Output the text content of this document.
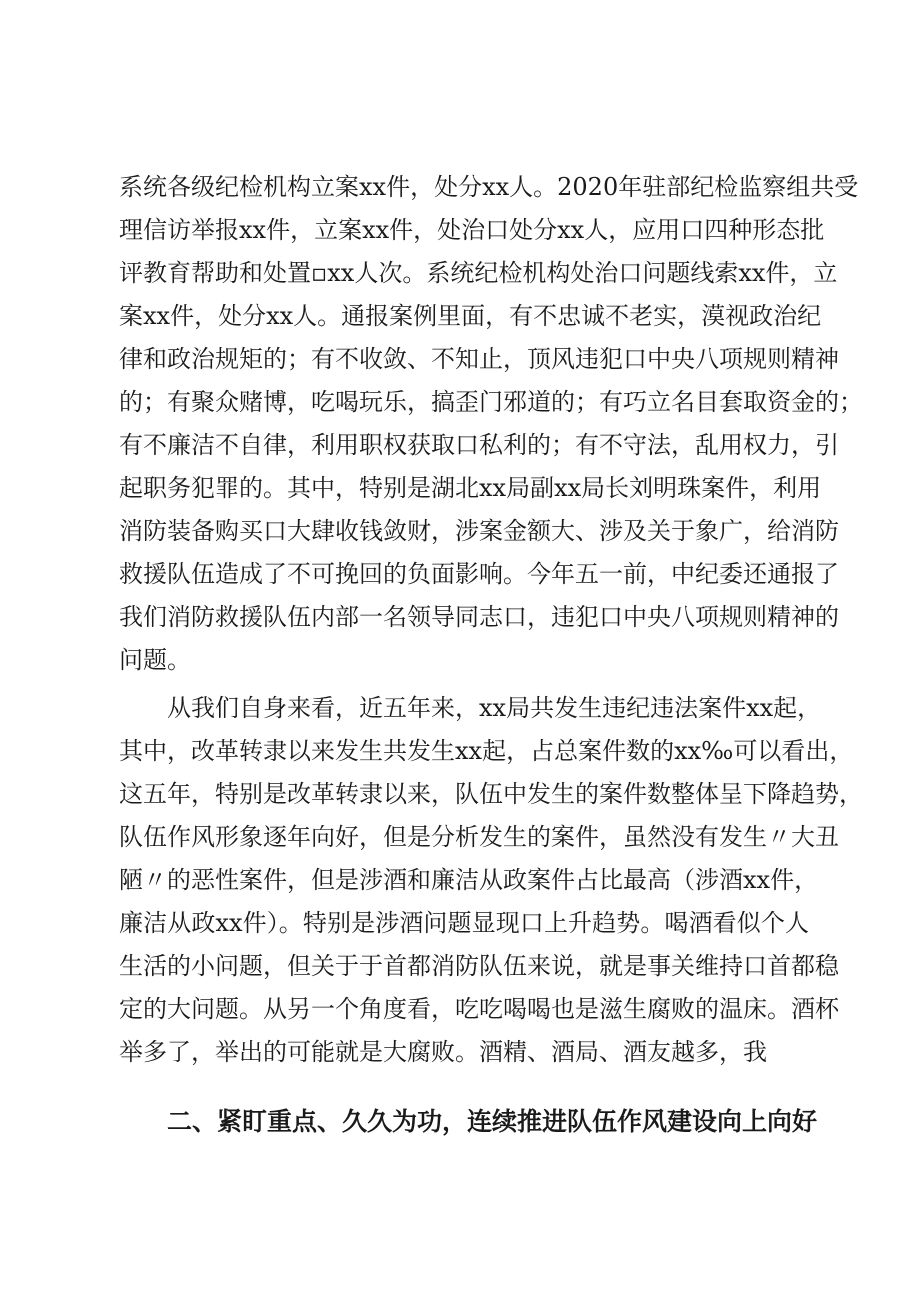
系统各级纪检机构立案xx件，处分xx人。2020年驻部纪检监察组共受
理信访举报xx件，立案xx件，处治口处分xx人，应用口四种形态批
评教育帮助和处置▫xx人次。系统纪检机构处治口问题线索xx件，立
案xx件，处分xx人。通报案例里面，有不忠诚不老实，漠视政治纪
律和政治规矩的；有不收敛、不知止，顶风违犯口中央八项规则精神
的；有聚众赌博，吃喝玩乐，搞歪门邪道的；有巧立名目套取资金的；
有不廉洁不自律，利用职权获取口私利的；有不守法，乱用权力，引
起职务犯罪的。其中，特别是湖北xx局副xx局长刘明珠案件，利用
消防装备购买口大肆收钱敛财，涉案金额大、涉及关于象广，给消防
救援队伍造成了不可挽回的负面影响。今年五一前，中纪委还通报了
我们消防救援队伍内部一名领导同志口，违犯口中央八项规则精神的
问题。
从我们自身来看，近五年来，xx局共发生违纪违法案件xx起，
其中，改革转隶以来发生共发生xx起，占总案件数的xx‰可以看出，
这五年，特别是改革转隶以来，队伍中发生的案件数整体呈下降趋势，
队伍作风形象逐年向好，但是分析发生的案件，虽然没有发生〃大丑
陋〃的恶性案件，但是涉酒和廉洁从政案件占比最高（涉酒xx件，
廉洁从政xx件）。特别是涉酒问题显现口上升趋势。喝酒看似个人
生活的小问题，但关于于首都消防队伍来说，就是事关维持口首都稳
定的大问题。从另一个角度看，吃吃喝喝也是滋生腐败的温床。酒杯
举多了，举出的可能就是大腐败。酒精、酒局、酒友越多，我
二、紧盯重点、久久为功，连续推进队伍作风建设向上向好
